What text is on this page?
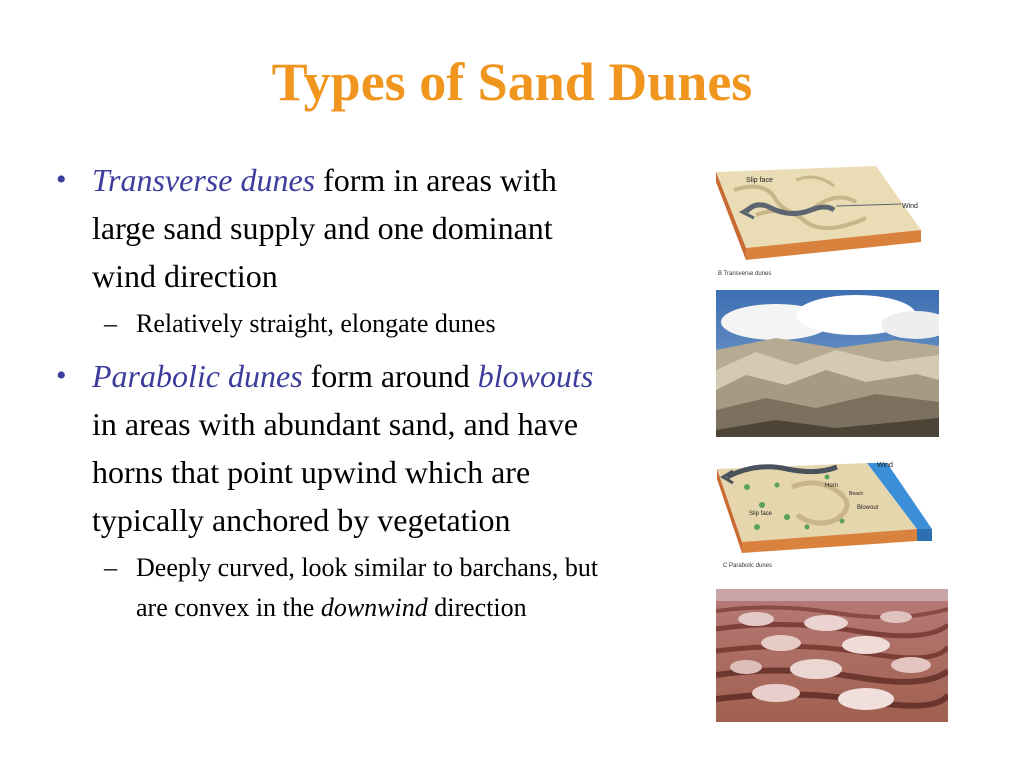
Types of Sand Dunes
• Transverse dunes form in areas with large sand supply and one dominant wind direction
– Relatively straight, elongate dunes
• Parabolic dunes form around blowouts in areas with abundant sand, and have horns that point upwind which are typically anchored by vegetation
– Deeply curved, look similar to barchans, but are convex in the downwind direction
Slip face
Wind
B Transverse dunes
Wind
Horn
Blowout
Beach
Slip face
C Parabolic dunes
